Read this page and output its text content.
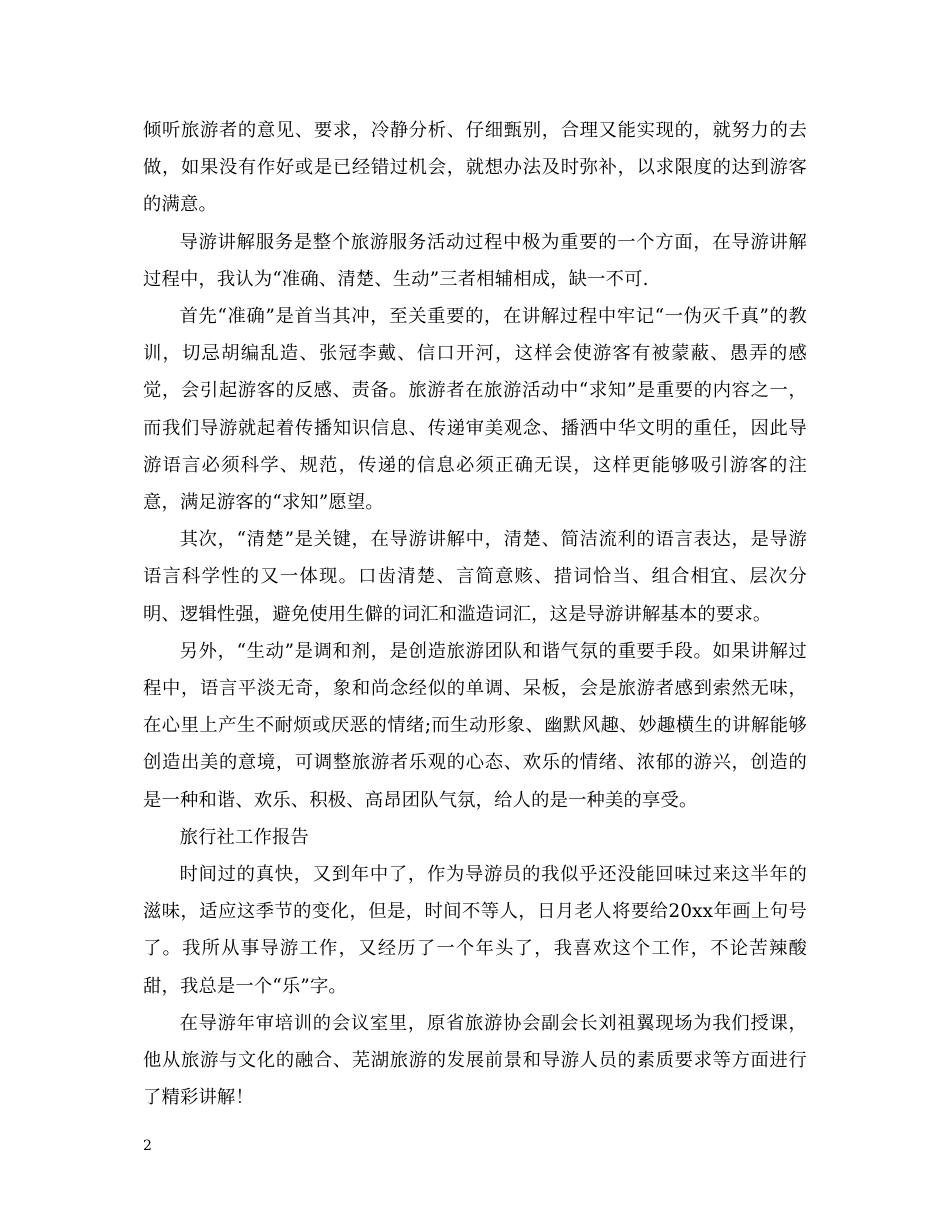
倾听旅游者的意见、要求，冷静分析、仔细甄别，合理又能实现的，就努力的去做，如果没有作好或是已经错过机会，就想办法及时弥补，以求限度的达到游客的满意。

导游讲解服务是整个旅游服务活动过程中极为重要的一个方面，在导游讲解过程中，我认为“准确、清楚、生动”三者相辅相成，缺一不可.

首先“准确”是首当其冲，至关重要的，在讲解过程中牢记“一伪灭千真”的教训，切忌胡编乱造、张冠李戴、信口开河，这样会使游客有被蒙蔽、愚弄的感觉，会引起游客的反感、责备。旅游者在旅游活动中“求知”是重要的内容之一，而我们导游就起着传播知识信息、传递审美观念、播洒中华文明的重任，因此导游语言必须科学、规范，传递的信息必须正确无误，这样更能够吸引游客的注意，满足游客的“求知”愿望。

其次，“清楚”是关键，在导游讲解中，清楚、简洁流利的语言表达，是导游语言科学性的又一体现。口齿清楚、言简意赅、措词恰当、组合相宜、层次分明、逻辑性强，避免使用生僻的词汇和滥造词汇，这是导游讲解基本的要求。

另外，“生动”是调和剂，是创造旅游团队和谐气氛的重要手段。如果讲解过程中，语言平淡无奇，象和尚念经似的单调、呆板，会是旅游者感到索然无味，在心里上产生不耐烦或厌恶的情绪;而生动形象、幽默风趣、妙趣横生的讲解能够创造出美的意境，可调整旅游者乐观的心态、欢乐的情绪、浓郁的游兴，创造的是一种和谐、欢乐、积极、高昂团队气氛，给人的是一种美的享受。

旅行社工作报告

时间过的真快，又到年中了，作为导游员的我似乎还没能回味过来这半年的滋味，适应这季节的变化，但是，时间不等人，日月老人将要给20xx年画上句号了。我所从事导游工作，又经历了一个年头了，我喜欢这个工作，不论苦辣酸甜，我总是一个“乐”字。

在导游年审培训的会议室里，原省旅游协会副会长刘祖翼现场为我们授课，他从旅游与文化的融合、芜湖旅游的发展前景和导游人员的素质要求等方面进行了精彩讲解！

2
